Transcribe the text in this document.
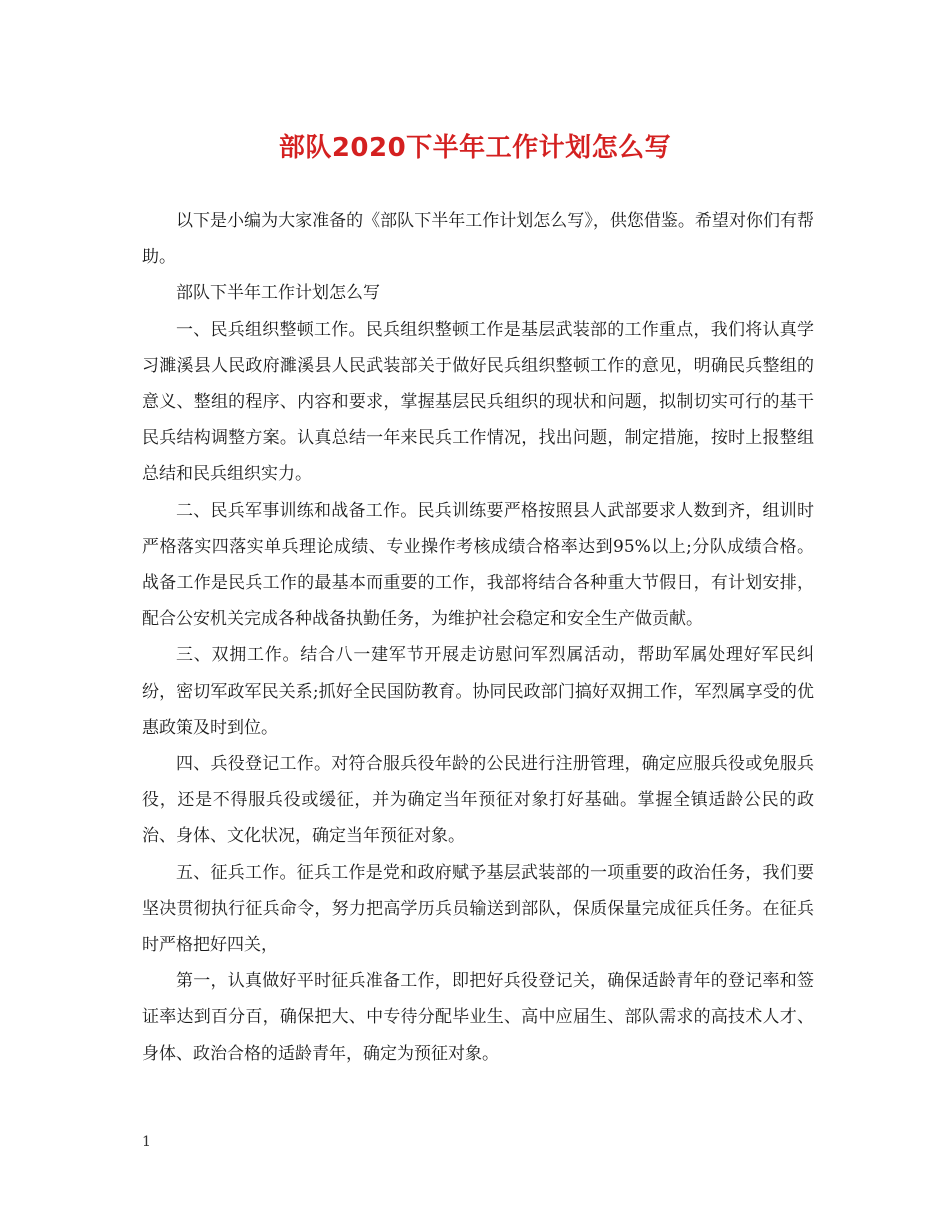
部队2020下半年工作计划怎么写

以下是小编为大家准备的《部队下半年工作计划怎么写》，供您借鉴。希望对你们有帮助。

部队下半年工作计划怎么写

一、民兵组织整顿工作。民兵组织整顿工作是基层武装部的工作重点，我们将认真学习濉溪县人民政府濉溪县人民武装部关于做好民兵组织整顿工作的意见，明确民兵整组的意义、整组的程序、内容和要求，掌握基层民兵组织的现状和问题，拟制切实可行的基干民兵结构调整方案。认真总结一年来民兵工作情况，找出问题，制定措施，按时上报整组总结和民兵组织实力。

二、民兵军事训练和战备工作。民兵训练要严格按照县人武部要求人数到齐，组训时严格落实四落实单兵理论成绩、专业操作考核成绩合格率达到95%以上;分队成绩合格。战备工作是民兵工作的最基本而重要的工作，我部将结合各种重大节假日，有计划安排，配合公安机关完成各种战备执勤任务，为维护社会稳定和安全生产做贡献。

三、双拥工作。结合八一建军节开展走访慰问军烈属活动，帮助军属处理好军民纠纷，密切军政军民关系;抓好全民国防教育。协同民政部门搞好双拥工作，军烈属享受的优惠政策及时到位。

四、兵役登记工作。对符合服兵役年龄的公民进行注册管理，确定应服兵役或免服兵役，还是不得服兵役或缓征，并为确定当年预征对象打好基础。掌握全镇适龄公民的政治、身体、文化状况，确定当年预征对象。

五、征兵工作。征兵工作是党和政府赋予基层武装部的一项重要的政治任务，我们要坚决贯彻执行征兵命令，努力把高学历兵员输送到部队，保质保量完成征兵任务。在征兵时严格把好四关，

第一，认真做好平时征兵准备工作，即把好兵役登记关，确保适龄青年的登记率和签证率达到百分百，确保把大、中专待分配毕业生、高中应届生、部队需求的高技术人才、身体、政治合格的适龄青年，确定为预征对象。

1
